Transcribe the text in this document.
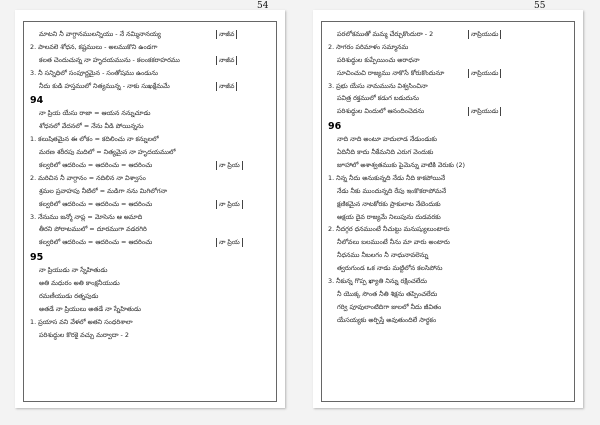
54
మాటని నీ వాగ్దానములన్నియు - నే నమ్మినానయ్య	నాజీవ
2. పాలవలె శోధన, కష్టములు - అలముకొని ఉండగా
కలత చెందుచున్న నా హృదయమును - కలంకకరాహరము	నాజీవ
3. నీ సన్నిధిలో సంపూర్ణమైన - సంతోషము ఉండును
నీదు కుడి హస్తములో నిత్యమున్న - నాకు సుఖక్షేమమే	నాజీవ
94
నా ప్రియ యేసు రాజా = ఆయన నన్నుచూడు
శోధనలో వేదనలో = నేను వీడి పోయిన్నను
1. కలుషితమైన ఈ లోకం = కదిలించు నా కన్నులలో
మరణ శరీరపు మదిలో = నిత్యమైన నా హృదయములో
కల్వరిలో ఆదరించు = ఆదరించు = ఆదరించు	నా ప్రియ
2. మరిచిన నీ వాగ్దానం = నదిలిన నా విశ్వాసం
శ్రమల ప్రవాహపు నీటిలో = మడిగా నను మిగిలోగనా
కల్వరిలో ఆదరించు = ఆదరించు = ఆదరించు	నా ప్రియ
3. నేనుము జన్మో నాప్ల = మోసెను ఆ అమాది
తీరని పోరాటములో = దూరముగా వడరగిరి
కల్వరిలో ఆదరించు = ఆదరించు = ఆదరించు	నా ప్రియ
95
నా ప్రియుడు నా స్నేహితుడు
అతి మధురం అతి కాంక్షనీయుడు
రమణీయుడు రత్నపుడు
అతడే నా ప్రియులు అతడే నా స్నేహితుడు
1. ప్రయాస వని వేళలో అతని సంధరిశాలా
పరిశుద్ధుల కొరకై వచ్చు మర్వాదా - 2
55
పరలోకముతో మమ్మ చేర్చుకొందురా - 2	నాప్రియుడు
2. సాగరం పరిమాళం సమ్మానమ
పరిశుద్ధుల కుప్పేయించు అరాధనా
సూచించుచి రాజ్యము నాకొసే కోరుకొందునూ	నాప్రియుడు
3. ప్రభు యేసు నామమును విశ్వసించినా
పవిత్ర రక్తములో కడుగ బడుదును
పరిశుద్ధుల విందులో ఆనందించెదను	నాప్రియుడు
96
నాది నాది అంటూ వాదులాడ నేడుండుకు
ఏదినీది కాదు నీకేమనిది ఎరుగ వెందుకు
జూహాలో అశాశ్వతముకు పైమెన్ను వాటికి వెరుకు (2)
1. నిన్న నీదు అనుకున్నది నేడు నీది కాకపోయినే
నేడు నీకు ముందున్నది రేపు ఇంకొకరాపోమనే
క్షణికమైన నాటకోరకు ప్రాకులాట నేటెందుకు
అక్షయ దైవ రాజ్యమే నిలుపును దుడవరకు
2. నీదగ్గర ధనముంటే నీచుట్టు మనుష్యులుంటారు
నీలోవలు బలముంటే నీను మా వారు అంటారు
నీధనము నీబలగం నీ నాధునావలెన్ను
త్వరుగుండ ఒక నాడు మట్టిలోన కలసిపోను
3. నీకున్న గొప్ప ఖ్యాతి నిన్ను రక్షించలేదు
నీ యొక్క సొంత నీతి శిక్షను తప్పించలేదు
గర్వి పూవులాంటిదిగా జులలో నీదు జీవితం
యేసయ్యకు అర్పిస్తే అవుతుందిలే సార్థకం
